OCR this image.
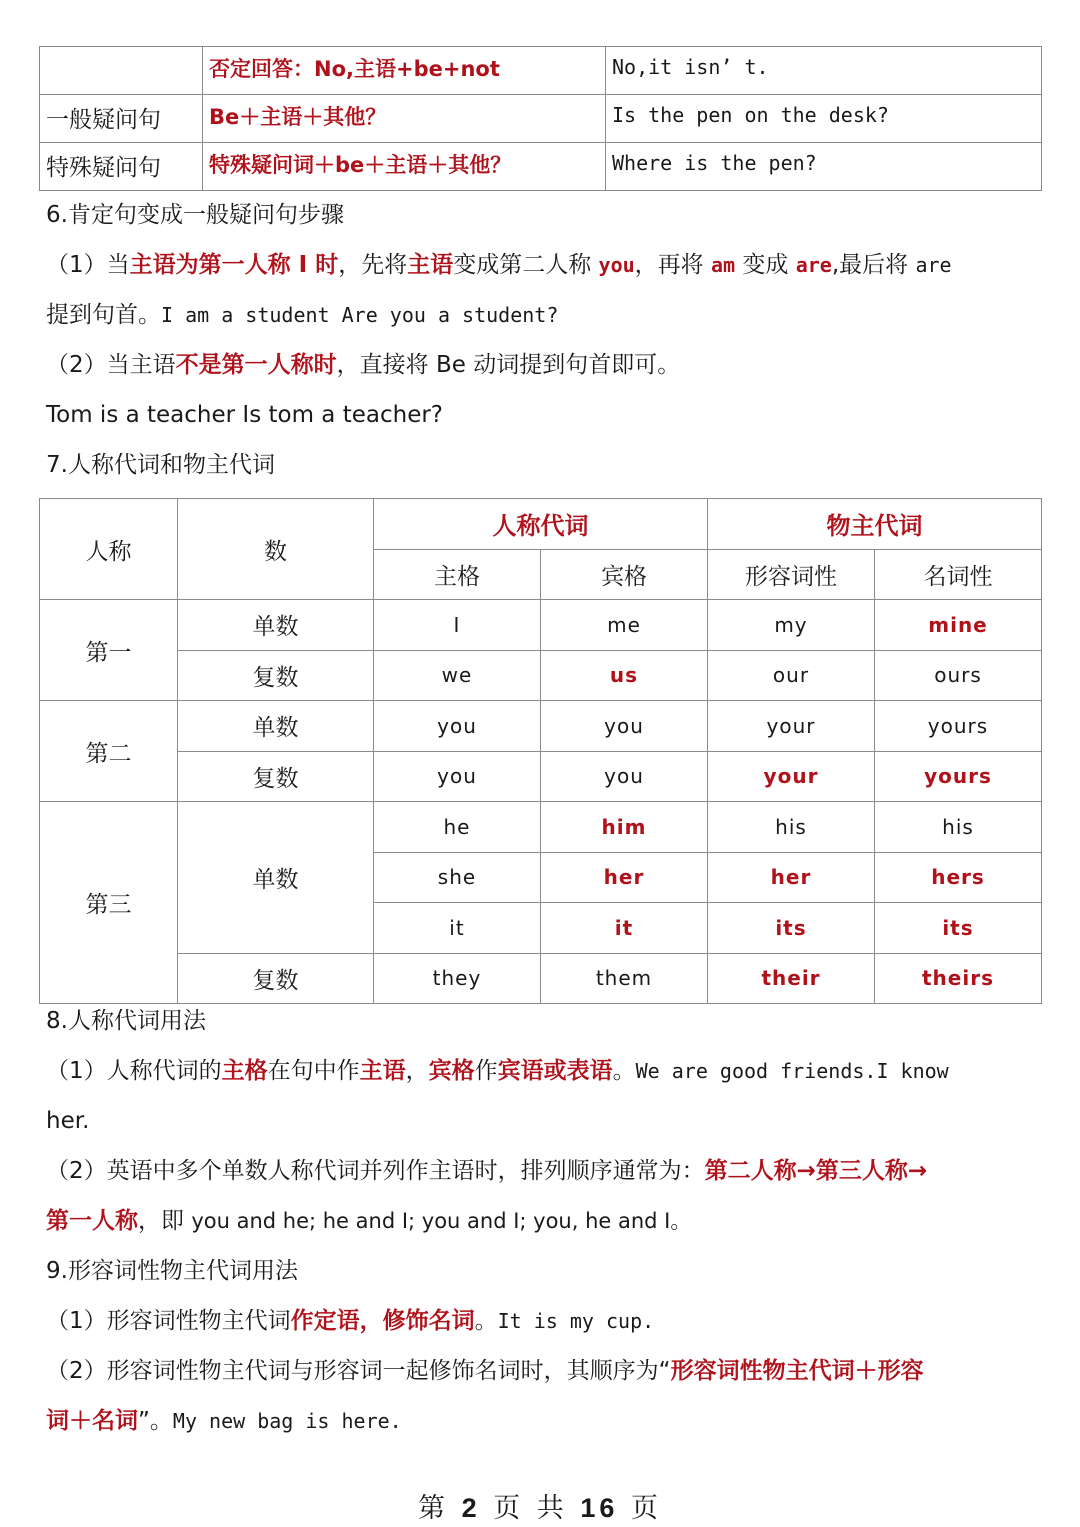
	否定回答：No,主语+be+not	No,it isn’ t.
一般疑问句	Be＋主语＋其他？	Is the pen on the desk?
特殊疑问句	特殊疑问词＋be＋主语＋其他？	Where is the pen?
6.肯定句变成一般疑问句步骤
（1）当主语为第一人称 I 时，先将主语变成第二人称 you，再将 am 变成 are,最后将 are
提到句首。I am a student Are you a student?
（2）当主语不是第一人称时，直接将 Be 动词提到句首即可。
Tom is a teacher Is tom a teacher?
7.人称代词和物主代词
人称	数	人称代词		物主代词	
		主格	宾格	形容词性	名词性
第一	单数	I	me	my	mine
	复数	we	us	our	ours
第二	单数	you	you	your	yours
	复数	you	you	your	yours
第三	单数	he	him	his	his
		she	her	her	hers
		it	it	its	its
	复数	they	them	their	theirs
8.人称代词用法
（1）人称代词的主格在句中作主语，宾格作宾语或表语。We are good friends.I know
her.
（2）英语中多个单数人称代词并列作主语时，排列顺序通常为：第二人称→第三人称→
第一人称，即 you and he; he and I; you and I; you, he and I。
9.形容词性物主代词用法
（1）形容词性物主代词作定语，修饰名词。It is my cup.
（2）形容词性物主代词与形容词一起修饰名词时，其顺序为“形容词性物主代词＋形容
词＋名词”。My new bag is here.
第 2 页 共 16 页
